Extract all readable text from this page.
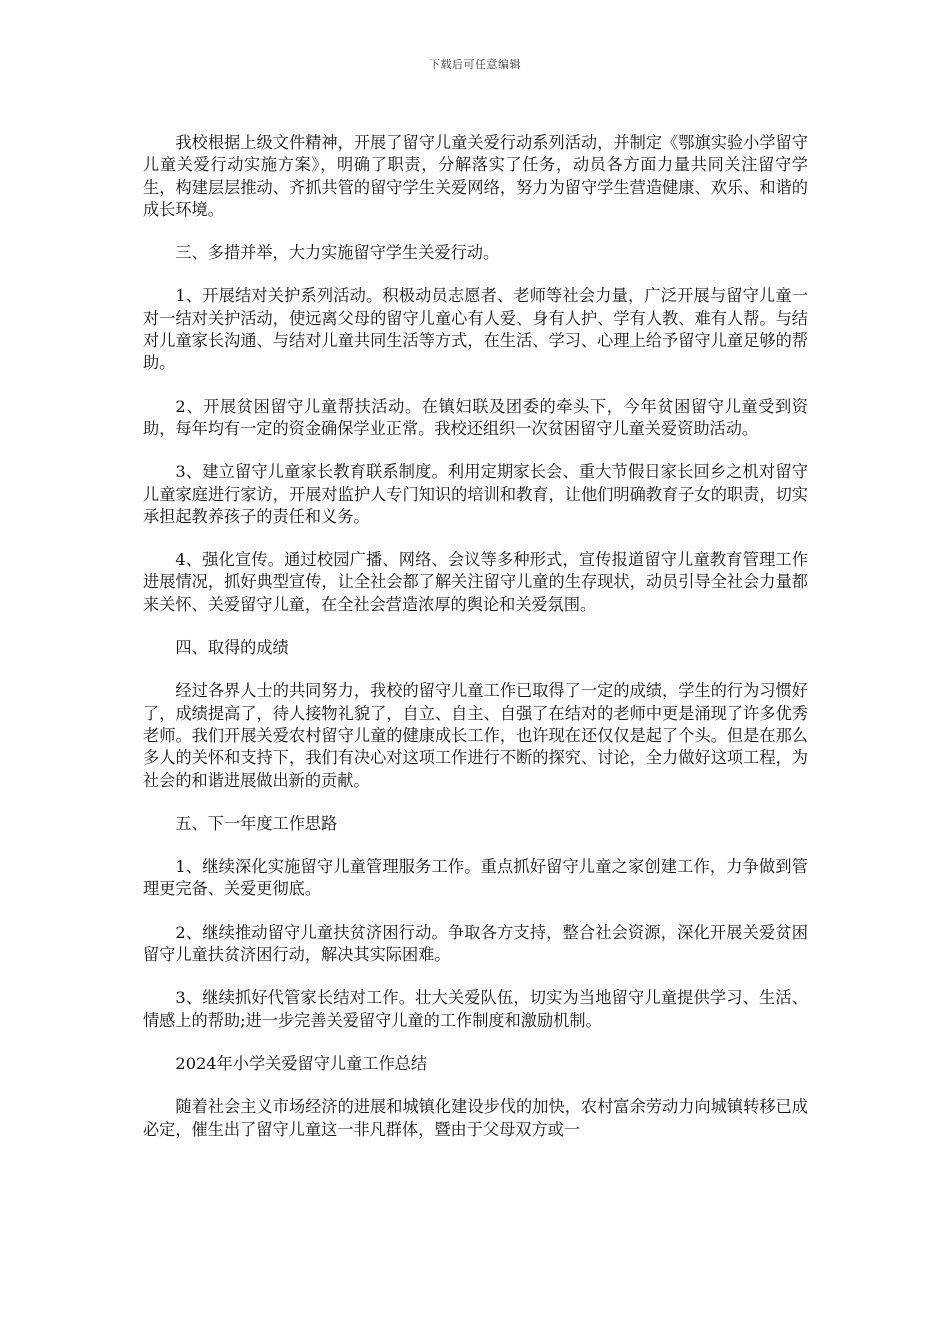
下载后可任意编辑

我校根据上级文件精神，开展了留守儿童关爱行动系列活动，并制定《鄂旗实验小学留守儿童关爱行动实施方案》，明确了职责，分解落实了任务，动员各方面力量共同关注留守学生，构建层层推动、齐抓共管的留守学生关爱网络，努力为留守学生营造健康、欢乐、和谐的成长环境。

三、多措并举，大力实施留守学生关爱行动。

1、开展结对关护系列活动。积极动员志愿者、老师等社会力量，广泛开展与留守儿童一对一结对关护活动，使远离父母的留守儿童心有人爱、身有人护、学有人教、难有人帮。与结对儿童家长沟通、与结对儿童共同生活等方式，在生活、学习、心理上给予留守儿童足够的帮助。

2、开展贫困留守儿童帮扶活动。在镇妇联及团委的牵头下，今年贫困留守儿童受到资助，每年均有一定的资金确保学业正常。我校还组织一次贫困留守儿童关爱资助活动。

3、建立留守儿童家长教育联系制度。利用定期家长会、重大节假日家长回乡之机对留守儿童家庭进行家访，开展对监护人专门知识的培训和教育，让他们明确教育子女的职责，切实承担起教养孩子的责任和义务。

4、强化宣传。通过校园广播、网络、会议等多种形式，宣传报道留守儿童教育管理工作进展情况，抓好典型宣传，让全社会都了解关注留守儿童的生存现状，动员引导全社会力量都来关怀、关爱留守儿童，在全社会营造浓厚的舆论和关爱氛围。

四、取得的成绩

经过各界人士的共同努力，我校的留守儿童工作已取得了一定的成绩，学生的行为习惯好了，成绩提高了，待人接物礼貌了，自立、自主、自强了在结对的老师中更是涌现了许多优秀老师。我们开展关爱农村留守儿童的健康成长工作，也许现在还仅仅是起了个头。但是在那么多人的关怀和支持下，我们有决心对这项工作进行不断的探究、讨论，全力做好这项工程，为社会的和谐进展做出新的贡献。

五、下一年度工作思路

1、继续深化实施留守儿童管理服务工作。重点抓好留守儿童之家创建工作，力争做到管理更完备、关爱更彻底。

2、继续推动留守儿童扶贫济困行动。争取各方支持，整合社会资源，深化开展关爱贫困留守儿童扶贫济困行动，解决其实际困难。

3、继续抓好代管家长结对工作。壮大关爱队伍，切实为当地留守儿童提供学习、生活、情感上的帮助;进一步完善关爱留守儿童的工作制度和激励机制。

2024年小学关爱留守儿童工作总结

随着社会主义市场经济的进展和城镇化建设步伐的加快，农村富余劳动力向城镇转移已成必定，催生出了留守儿童这一非凡群体，暨由于父母双方或一
